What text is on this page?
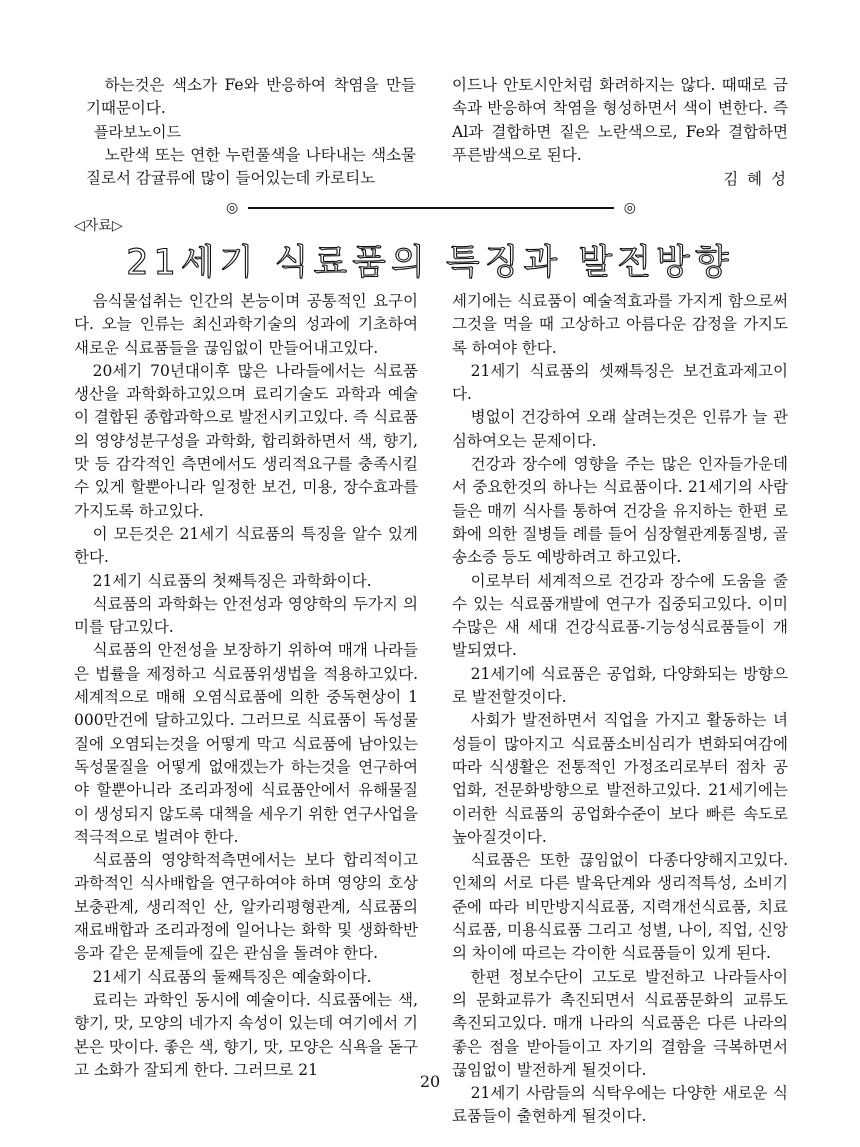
하는것은 색소가 Fe와 반응하여 착염을 만들기때문이다.

플라보노이드

노란색 또는 연한 누런풀색을 나타내는 색소물질로서 감귤류에 많이 들어있는데 카로티노

이드나 안토시안처럼 화려하지는 않다. 때때로 금속과 반응하여 착염을 형성하면서 색이 변한다. 즉 Al과 결합하면 짙은 노란색으로, Fe와 결합하면 푸른밤색으로 된다.

김 혜 성
◎	◎
◁자료▷
21세기 식료품의 특징과 발전방향

음식물섭취는 인간의 본능이며 공통적인 요구이다. 오늘 인류는 최신과학기술의 성과에 기초하여 새로운 식료품들을 끊임없이 만들어내고있다.

20세기 70년대이후 많은 나라들에서는 식료품생산을 과학화하고있으며 료리기술도 과학과 예술이 결합된 종합과학으로 발전시키고있다. 즉 식료품의 영양성분구성을 과학화, 합리화하면서 색, 향기, 맛 등 감각적인 측면에서도 생리적요구를 충족시킬수 있게 할뿐아니라 일정한 보건, 미용, 장수효과를 가지도록 하고있다.

이 모든것은 21세기 식료품의 특징을 알수 있게 한다.

21세기 식료품의 첫째특징은 과학화이다.

식료품의 과학화는 안전성과 영양학의 두가지 의미를 담고있다.

식료품의 안전성을 보장하기 위하여 매개 나라들은 법률을 제정하고 식료품위생법을 적용하고있다. 세계적으로 매해 오염식료품에 의한 중독현상이 1 000만건에 달하고있다. 그러므로 식료품이 독성물질에 오염되는것을 어떻게 막고 식료품에 남아있는 독성물질을 어떻게 없애겠는가 하는것을 연구하여야 할뿐아니라 조리과정에 식료품안에서 유해물질이 생성되지 않도록 대책을 세우기 위한 연구사업을 적극적으로 벌려야 한다.

식료품의 영양학적측면에서는 보다 합리적이고 과학적인 식사배합을 연구하여야 하며 영양의 호상보충관계, 생리적인 산, 알카리평형관계, 식료품의 재료배합과 조리과정에 일어나는 화학 및 생화학반응과 같은 문제들에 깊은 관심을 돌려야 한다.

21세기 식료품의 둘째특징은 예술화이다.

료리는 과학인 동시에 예술이다. 식료품에는 색, 향기, 맛, 모양의 네가지 속성이 있는데 여기에서 기본은 맛이다. 좋은 색, 향기, 맛, 모양은 식욕을 돋구고 소화가 잘되게 한다. 그러므로 21

세기에는 식료품이 예술적효과를 가지게 함으로써 그것을 먹을 때 고상하고 아름다운 감정을 가지도록 하여야 한다.

21세기 식료품의 셋째특징은 보건효과제고이다.

병없이 건강하여 오래 살려는것은 인류가 늘 관심하여오는 문제이다.

건강과 장수에 영향을 주는 많은 인자들가운데서 중요한것의 하나는 식료품이다. 21세기의 사람들은 매끼 식사를 통하여 건강을 유지하는 한편 로화에 의한 질병들 례를 들어 심장혈관계통질병, 골송소증 등도 예방하려고 하고있다.

이로부터 세계적으로 건강과 장수에 도움을 줄수 있는 식료품개발에 연구가 집중되고있다. 이미 수많은 새 세대 건강식료품-기능성식료품들이 개발되였다.

21세기에 식료품은 공업화, 다양화되는 방향으로 발전할것이다.

사회가 발전하면서 직업을 가지고 활동하는 녀성들이 많아지고 식료품소비심리가 변화되여감에 따라 식생활은 전통적인 가정조리로부터 점차 공업화, 전문화방향으로 발전하고있다. 21세기에는 이러한 식료품의 공업화수준이 보다 빠른 속도로 높아질것이다.

식료품은 또한 끊임없이 다종다양해지고있다. 인체의 서로 다른 발육단계와 생리적특성, 소비기준에 따라 비만방지식료품, 지력개선식료품, 치료식료품, 미용식료품 그리고 성별, 나이, 직업, 신앙의 차이에 따르는 각이한 식료품들이 있게 된다.

한편 정보수단이 고도로 발전하고 나라들사이의 문화교류가 촉진되면서 식료품문화의 교류도 촉진되고있다. 매개 나라의 식료품은 다른 나라의 좋은 점을 받아들이고 자기의 결함을 극복하면서 끊임없이 발전하게 될것이다.

21세기 사람들의 식탁우에는 다양한 새로운 식료품들이 출현하게 될것이다.

20
